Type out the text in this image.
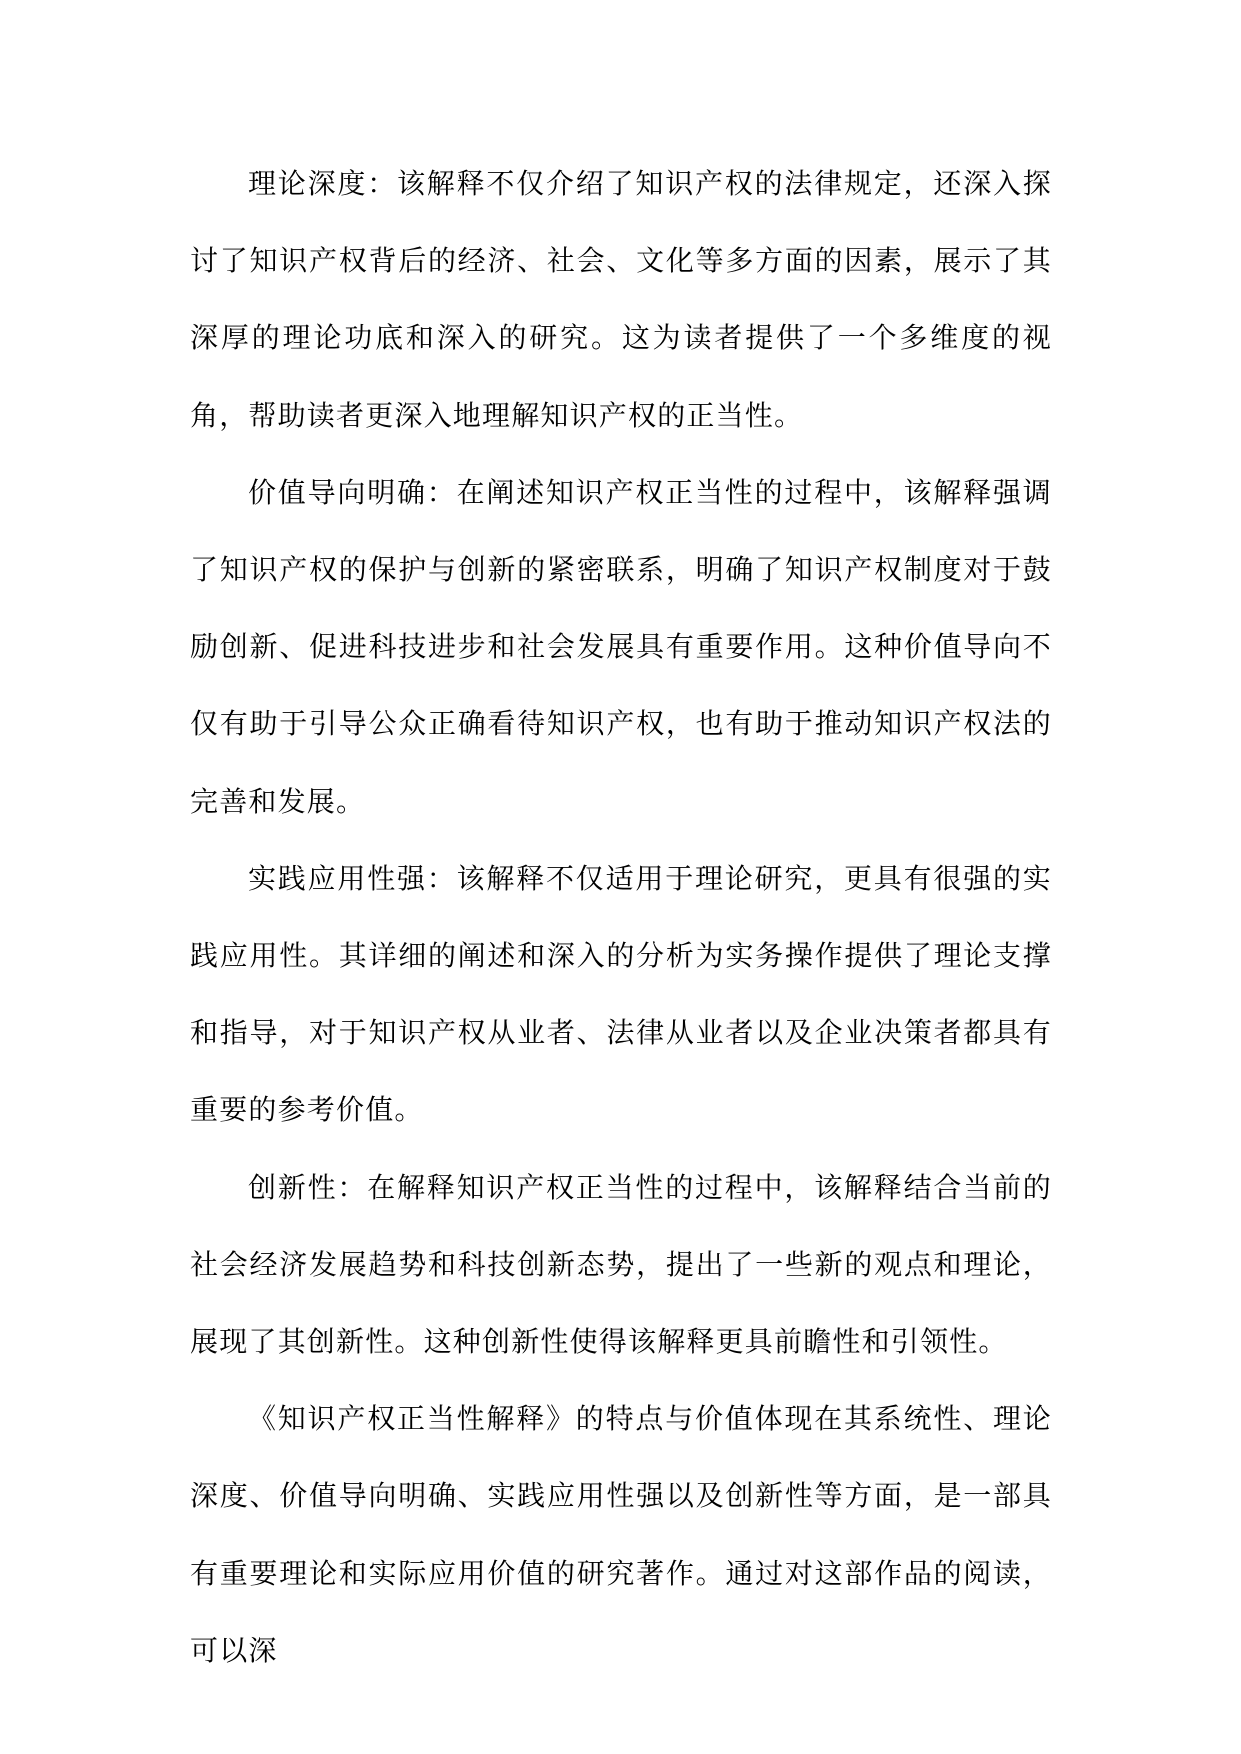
理论深度：该解释不仅介绍了知识产权的法律规定，还深入探讨了知识产权背后的经济、社会、文化等多方面的因素，展示了其深厚的理论功底和深入的研究。这为读者提供了一个多维度的视角，帮助读者更深入地理解知识产权的正当性。

价值导向明确：在阐述知识产权正当性的过程中，该解释强调了知识产权的保护与创新的紧密联系，明确了知识产权制度对于鼓励创新、促进科技进步和社会发展具有重要作用。这种价值导向不仅有助于引导公众正确看待知识产权，也有助于推动知识产权法的完善和发展。

实践应用性强：该解释不仅适用于理论研究，更具有很强的实践应用性。其详细的阐述和深入的分析为实务操作提供了理论支撑和指导，对于知识产权从业者、法律从业者以及企业决策者都具有重要的参考价值。

创新性：在解释知识产权正当性的过程中，该解释结合当前的社会经济发展趋势和科技创新态势，提出了一些新的观点和理论，展现了其创新性。这种创新性使得该解释更具前瞻性和引领性。

《知识产权正当性解释》的特点与价值体现在其系统性、理论深度、价值导向明确、实践应用性强以及创新性等方面，是一部具有重要理论和实际应用价值的研究著作。通过对这部作品的阅读，可以深
